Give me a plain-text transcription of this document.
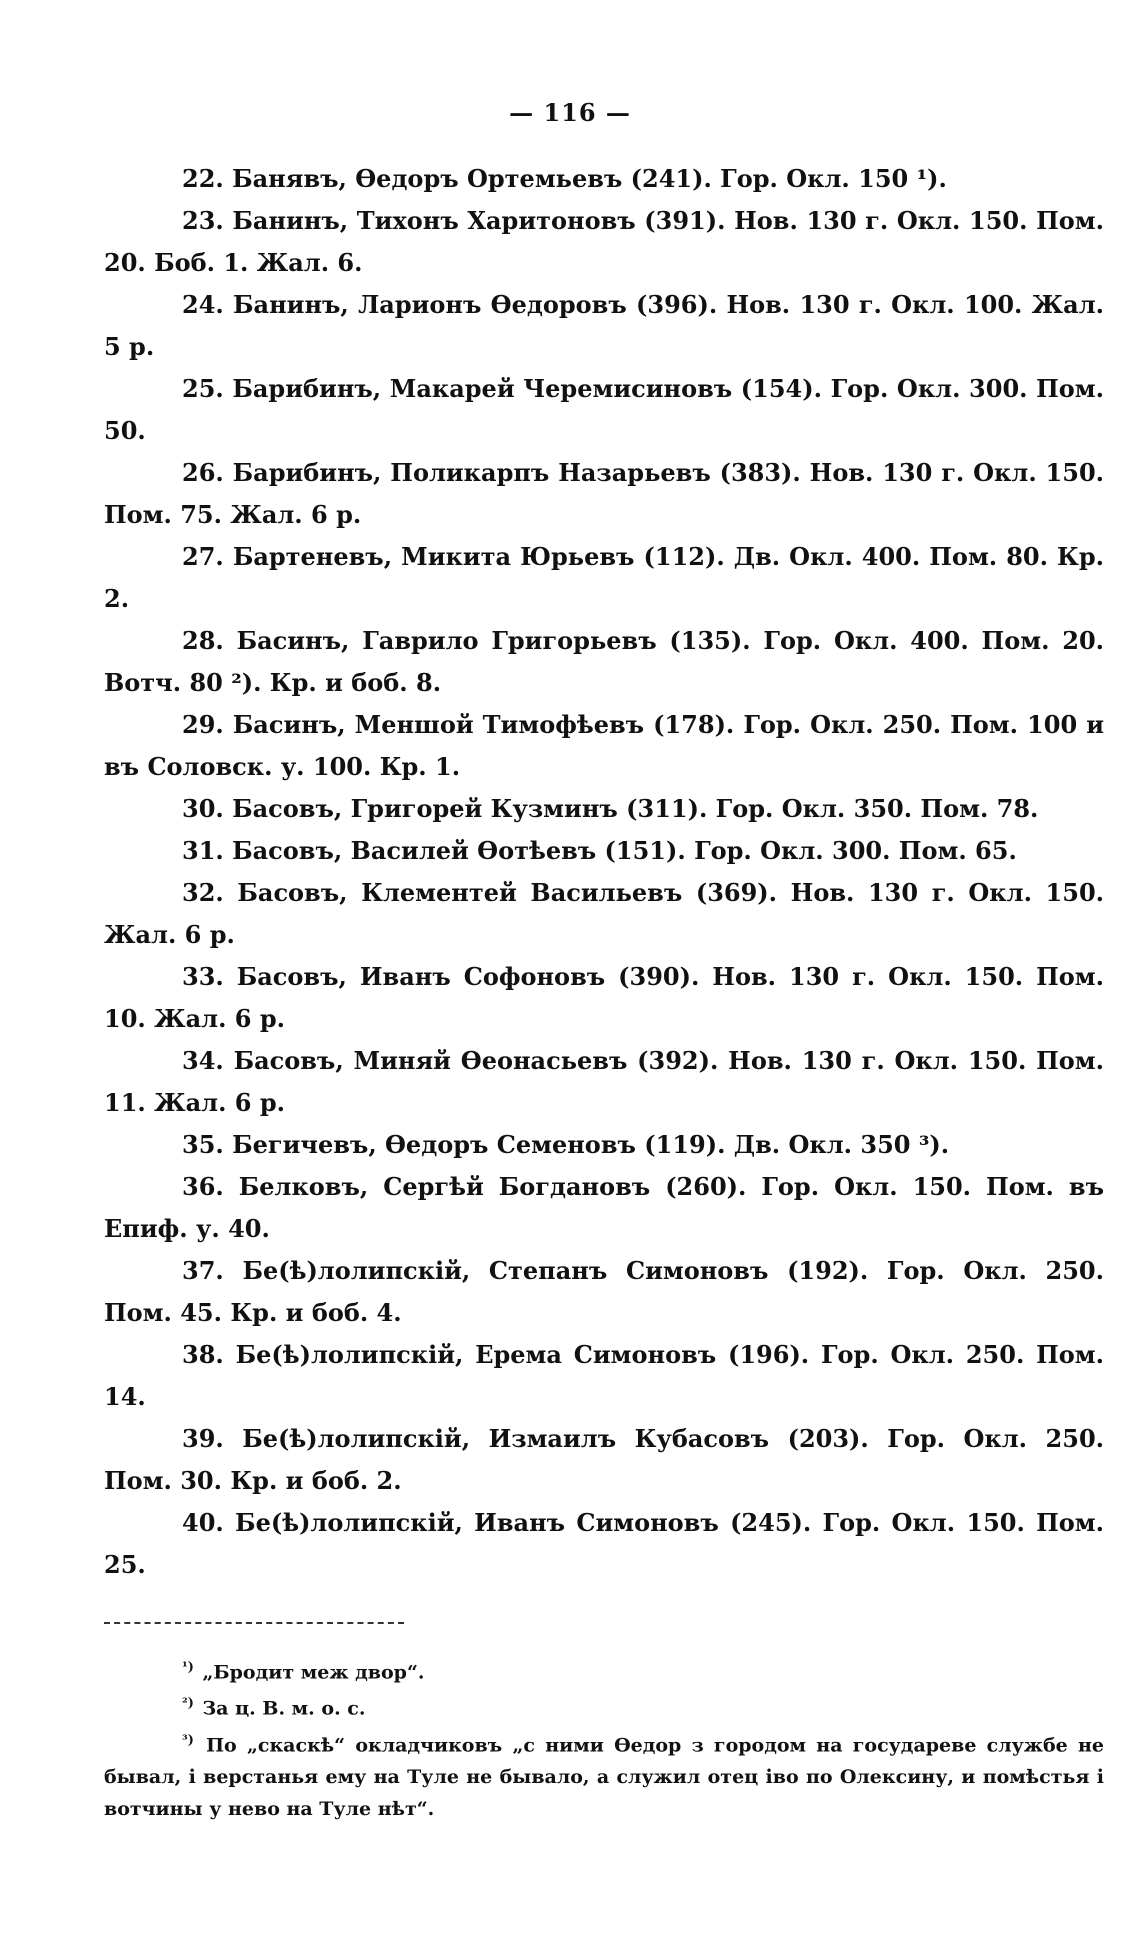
— 116 —

22. Банявъ, Өедоръ Ортемьевъ (241). Гор. Окл. 150 ¹).

23. Банинъ, Тихонъ Харитоновъ (391). Нов. 130 г. Окл. 150. Пом. 20. Боб. 1. Жал. 6.

24. Банинъ, Ларионъ Өедоровъ (396). Нов. 130 г. Окл. 100. Жал. 5 р.

25. Барибинъ, Макарей Черемисиновъ (154). Гор. Окл. 300. Пом. 50.

26. Барибинъ, Поликарпъ Назарьевъ (383). Нов. 130 г. Окл. 150. Пом. 75. Жал. 6 р.

27. Бартеневъ, Микита Юрьевъ (112). Дв. Окл. 400. Пом. 80. Кр. 2.

28. Басинъ, Гаврило Григорьевъ (135). Гор. Окл. 400. Пом. 20. Вотч. 80 ²). Кр. и боб. 8.

29. Басинъ, Меншой Тимофѣевъ (178). Гор. Окл. 250. Пом. 100 и въ Соловск. у. 100. Кр. 1.

30. Басовъ, Григорей Кузминъ (311). Гор. Окл. 350. Пом. 78.

31. Басовъ, Василей Өотѣевъ (151). Гор. Окл. 300. Пом. 65.

32. Басовъ, Клементей Васильевъ (369). Нов. 130 г. Окл. 150. Жал. 6 р.

33. Басовъ, Иванъ Софоновъ (390). Нов. 130 г. Окл. 150. Пом. 10. Жал. 6 р.

34. Басовъ, Миняй Өеонасьевъ (392). Нов. 130 г. Окл. 150. Пом. 11. Жал. 6 р.

35. Бегичевъ, Өедоръ Семеновъ (119). Дв. Окл. 350 ³).

36. Белковъ, Сергѣй Богдановъ (260). Гор. Окл. 150. Пом. въ Епиф. у. 40.

37. Бе(ѣ)лолипскій, Степанъ Симоновъ (192). Гор. Окл. 250. Пом. 45. Кр. и боб. 4.

38. Бе(ѣ)лолипскій, Ерема Симоновъ (196). Гор. Окл. 250. Пом. 14.

39. Бе(ѣ)лолипскій, Измаилъ Кубасовъ (203). Гор. Окл. 250. Пом. 30. Кр. и боб. 2.

40. Бе(ѣ)лолипскій, Иванъ Симоновъ (245). Гор. Окл. 150. Пом. 25.

$^{^1)}$ „Бродит меж двор“.

$^{^2)}$ За ц. В. м. о. с.

$^{^3)}$ По „скаскѣ“ окладчиковъ „с ними Өедор з городом на государеве службе не бывал, і верстанья ему на Туле не бывало, а служил отец іво по Олексину, и помѣстья і вотчины у нево на Туле нѣт“.
